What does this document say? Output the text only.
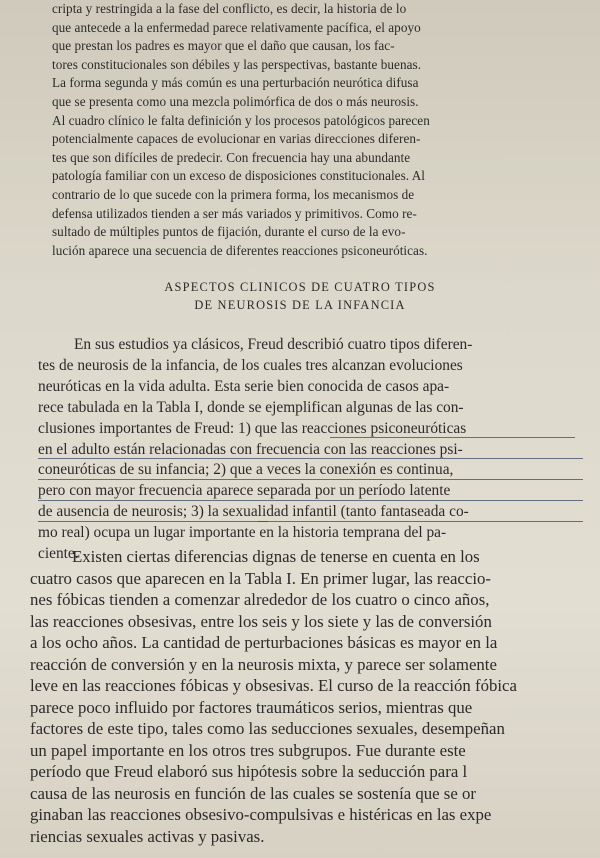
cripta y restringida a la fase del conflicto, es decir, la historia de lo
que antecede a la enfermedad parece relativamente pacífica, el apoyo
que prestan los padres es mayor que el daño que causan, los fac-
tores constitucionales son débiles y las perspectivas, bastante buenas.
La forma segunda y más común es una perturbación neurótica difusa
que se presenta como una mezcla polimórfica de dos o más neurosis.
Al cuadro clínico le falta definición y los procesos patológicos parecen
potencialmente capaces de evolucionar en varias direcciones diferen-
tes que son difíciles de predecir. Con frecuencia hay una abundante
patología familiar con un exceso de disposiciones constitucionales. Al
contrario de lo que sucede con la primera forma, los mecanismos de
defensa utilizados tienden a ser más variados y primitivos. Como re-
sultado de múltiples puntos de fijación, durante el curso de la evo-
lución aparece una secuencia de diferentes reacciones psiconeuróticas.
ASPECTOS CLINICOS DE CUATRO TIPOS
DE NEUROSIS DE LA INFANCIA
En sus estudios ya clásicos, Freud describió cuatro tipos diferen-
tes de neurosis de la infancia, de los cuales tres alcanzan evoluciones
neuróticas en la vida adulta. Esta serie bien conocida de casos apa-
rece tabulada en la Tabla I, donde se ejemplifican algunas de las con-
clusiones importantes de Freud: 1) que las reacciones psiconeuróticas
en el adulto están relacionadas con frecuencia con las reacciones psi-
coneuróticas de su infancia; 2) que a veces la conexión es continua,
pero con mayor frecuencia aparece separada por un período latente
de ausencia de neurosis; 3) la sexualidad infantil (tanto fantaseada co-
mo real) ocupa un lugar importante en la historia temprana del pa-
ciente.
Existen ciertas diferencias dignas de tenerse en cuenta en los
cuatro casos que aparecen en la Tabla I. En primer lugar, las reaccio-
nes fóbicas tienden a comenzar alrededor de los cuatro o cinco años,
las reacciones obsesivas, entre los seis y los siete y las de conversión
a los ocho años. La cantidad de perturbaciones básicas es mayor en la
reacción de conversión y en la neurosis mixta, y parece ser solamente
leve en las reacciones fóbicas y obsesivas. El curso de la reacción fóbica
parece poco influido por factores traumáticos serios, mientras que
factores de este tipo, tales como las seducciones sexuales, desempeñan
un papel importante en los otros tres subgrupos. Fue durante este
período que Freud elaboró sus hipótesis sobre la seducción para l
causa de las neurosis en función de las cuales se sostenía que se or
ginaban las reacciones obsesivo-compulsivas e histéricas en las expe
riencias sexuales activas y pasivas.
